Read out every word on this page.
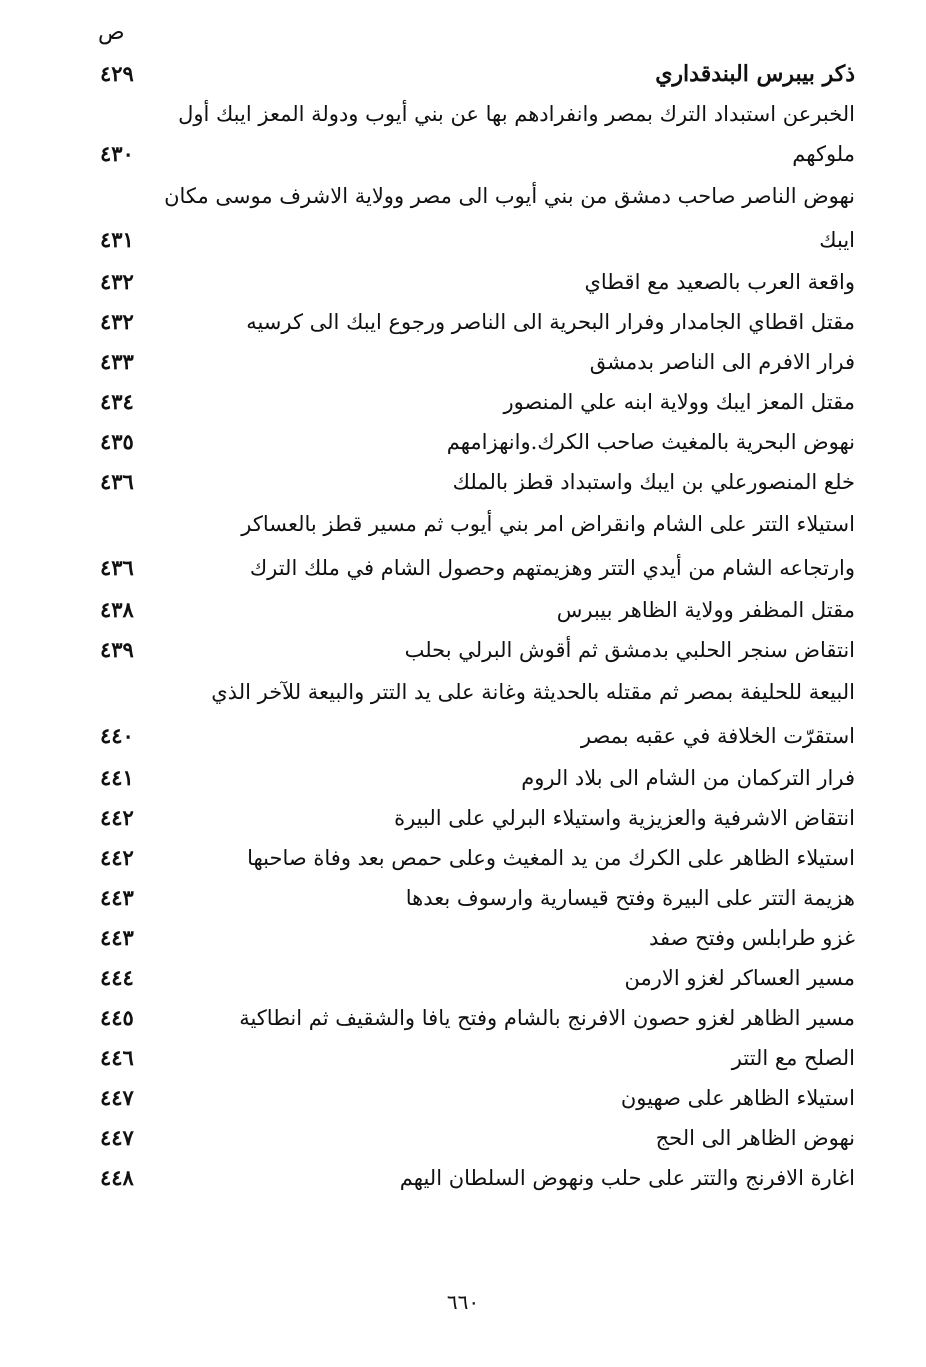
ص
ذكر بيبرس البندقداري
٤٢٩
الخبرعن استبداد الترك بمصر وانفرادهم بها عن بني أيوب ودولة المعز ايبك أول ملوكهم
٤٣٠
نهوض الناصر صاحب دمشق من بني أيوب الى مصر وولاية الاشرف موسى مكان ايبك
٤٣١
واقعة العرب بالصعيد مع اقطاي
٤٣٢
مقتل اقطاي الجامدار وفرار البحرية الى الناصر ورجوع ايبك الى كرسيه
٤٣٢
فرار الافرم الى الناصر بدمشق
٤٣٣
مقتل المعز ايبك وولاية ابنه علي المنصور
٤٣٤
نهوض البحرية بالمغيث صاحب الكرك.وانهزامهم
٤٣٥
خلع المنصورعلي بن ايبك واستبداد قطز بالملك
٤٣٦
استيلاء التتر على الشام وانقراض امر بني أيوب ثم مسير قطز بالعساكر وارتجاعه الشام من أيدي التتر وهزيمتهم وحصول الشام في ملك الترك
٤٣٦
مقتل المظفر وولاية الظاهر بيبرس
٤٣٨
انتقاض سنجر الحلبي بدمشق ثم أقوش البرلي بحلب
٤٣٩
البيعة للحليفة بمصر ثم مقتله بالحديثة وغانة على يد التتر والبيعة للآخر الذي استقرّت الخلافة في عقبه بمصر
٤٤٠
فرار التركمان من الشام الى بلاد الروم
٤٤١
انتقاض الاشرفية والعزيزية واستيلاء البرلي على البيرة
٤٤٢
استيلاء الظاهر على الكرك من يد المغيث وعلى حمص بعد وفاة صاحبها
٤٤٢
هزيمة التتر على البيرة وفتح قيسارية وارسوف بعدها
٤٤٣
غزو طرابلس وفتح صفد
٤٤٣
مسير العساكر لغزو الارمن
٤٤٤
مسير الظاهر لغزو حصون الافرنج بالشام وفتح يافا والشقيف ثم انطاكية
٤٤٥
الصلح مع التتر
٤٤٦
استيلاء الظاهر على صهيون
٤٤٧
نهوض الظاهر الى الحج
٤٤٧
اغارة الافرنج والتتر على حلب ونهوض السلطان اليهم
٤٤٨
٦٦٠
